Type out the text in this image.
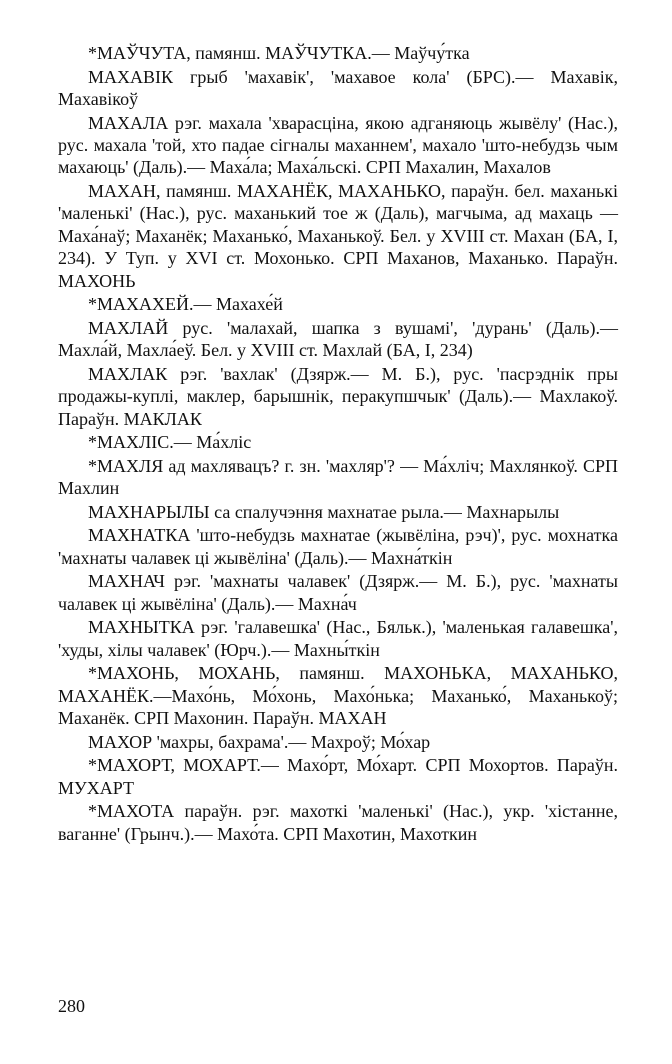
*МАЎЧУТА, памянш. МАЎЧУТКА.— Маўчу́тка

МАХАВІК грыб 'махавік', 'махавое кола' (БРС).— Махавік, Махавікоў

МАХАЛА рэг. махала 'хварасціна, якою адганяюць жывёлу' (Нас.), рус. махала 'той, хто падае сігналы маханнем', махало 'што-небудзь чым махаюць' (Даль).— Маха́ла; Маха́льскі. СРП Махалин, Махалов

МАХАН, памянш. МАХАНЁК, МАХАНЬКО, параўн. бел. маханькі 'маленькі' (Нас.), рус. маханький тое ж (Даль), магчыма, ад махаць — Маха́наў; Маханёк; Маханько́, Маханькоў. Бел. у XVIII ст. Махан (БА, I, 234). У Туп. у XVI ст. Мохонько. СРП Маханов, Маханько. Параўн. МАХОНЬ

*МАХАХЕЙ.— Махахе́й

МАХЛАЙ рус. 'малахай, шапка з вушамі', 'дурань' (Даль).— Махла́й, Махла́еў. Бел. у XVIII ст. Махлай (БА, I, 234)

МАХЛАК рэг. 'вахлак' (Дзярж.— М. Б.), рус. 'пасрэднік пры продажы-куплі, маклер, барышнік, перакупшчык' (Даль).— Махлакоў. Параўн. МАКЛАК

*МАХЛІС.— Ма́хліс

*МАХЛЯ ад махлявацъ? г. зн. 'махляр'? — Ма́хліч; Махлянкоў. СРП Махлин

МАХНАРЫЛЫ са спалучэння махнатае рыла.— Махнарылы

МАХНАТКА 'што-небудзь махнатае (жывёліна, рэч)', рус. мохнатка 'махнаты чалавек ці жывёліна' (Даль).— Махна́ткін

МАХНАЧ рэг. 'махнаты чалавек' (Дзярж.— М. Б.), рус. 'махнаты чалавек ці жывёліна' (Даль).— Махна́ч

МАХНЫТКА рэг. 'галавешка' (Нас., Бяльк.), 'маленькая галавешка', 'худы, хілы чалавек' (Юрч.).— Махны́ткін

*МАХОНЬ, МОХАНЬ, памянш. МАХОНЬКА, МАХАНЬКО, МАХАНЁК.—Махо́нь, Мо́хонь, Махо́нька; Маханько́, Маханькоў; Маханёк. СРП Махонин. Параўн. МАХАН

МАХОР 'махры, бахрама'.— Махроў; Мо́хар

*МАХОРТ, МОХАРТ.— Махо́рт, Мо́харт. СРП Мохортов. Параўн. МУХАРТ

*МАХОТА параўн. рэг. махоткі 'маленькі' (Нас.), укр. 'хістанне, ваганне' (Грынч.).— Махо́та. СРП Махотин, Махоткин

280
